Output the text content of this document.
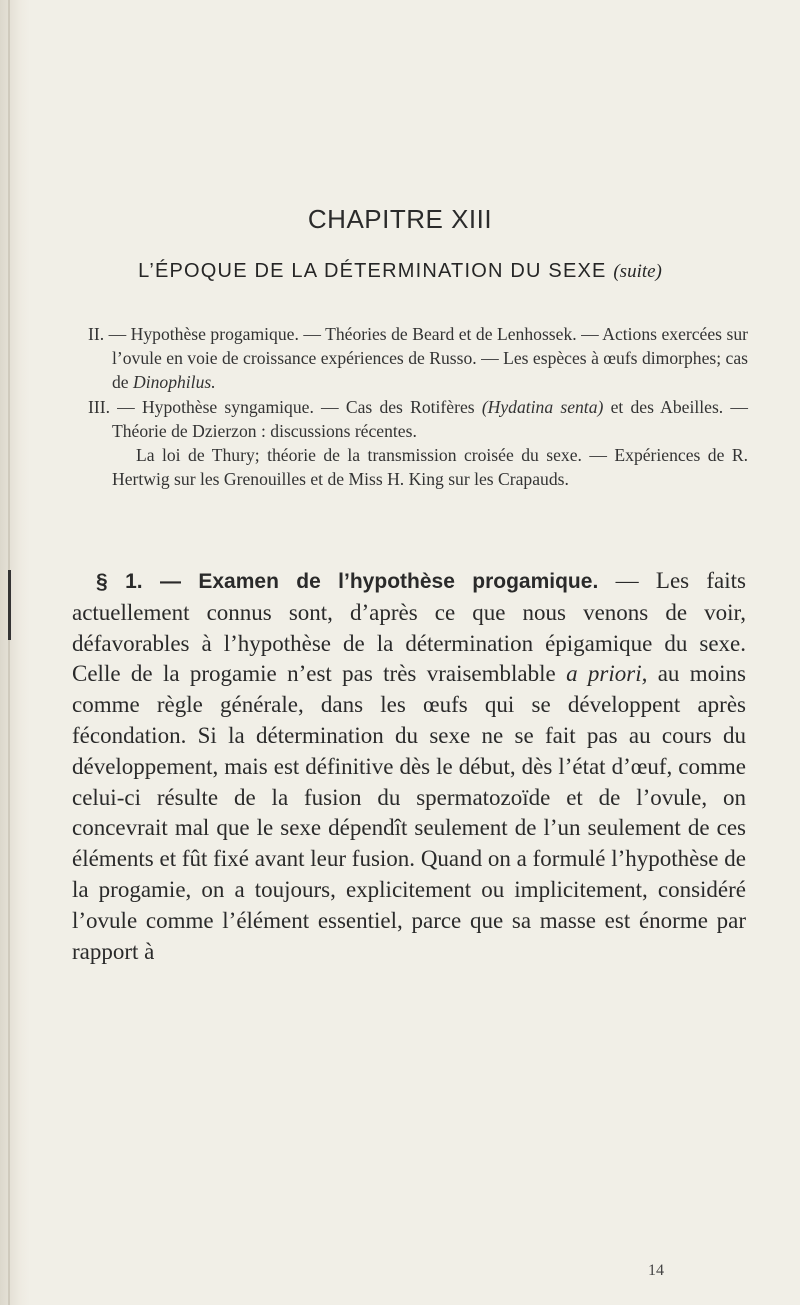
CHAPITRE XIII
L’ÉPOQUE DE LA DÉTERMINATION DU SEXE (suite)

II. — Hypothèse progamique. — Théories de Beard et de Lenhossek. — Actions exercées sur l’ovule en voie de croissance expériences de Russo. — Les espèces à œufs dimorphes; cas de Dinophilus.

III. — Hypothèse syngamique. — Cas des Rotifères (Hydatina senta) et des Abeilles. — Théorie de Dzierzon : discussions récentes.

La loi de Thury; théorie de la transmission croisée du sexe. — Expériences de R. Hertwig sur les Grenouilles et de Miss H. King sur les Crapauds.

§ 1. — Examen de l’hypothèse progamique. — Les faits actuellement connus sont, d’après ce que nous venons de voir, défavorables à l’hypothèse de la détermination épigamique du sexe. Celle de la progamie n’est pas très vraisemblable a priori, au moins comme règle générale, dans les œufs qui se développent après fécondation. Si la détermination du sexe ne se fait pas au cours du développement, mais est définitive dès le début, dès l’état d’œuf, comme celui-ci résulte de la fusion du spermatozoïde et de l’ovule, on concevrait mal que le sexe dépendît seulement de l’un seulement de ces éléments et fût fixé avant leur fusion. Quand on a formulé l’hypothèse de la progamie, on a toujours, explicitement ou implicitement, considéré l’ovule comme l’élément essentiel, parce que sa masse est énorme par rapport à

14
